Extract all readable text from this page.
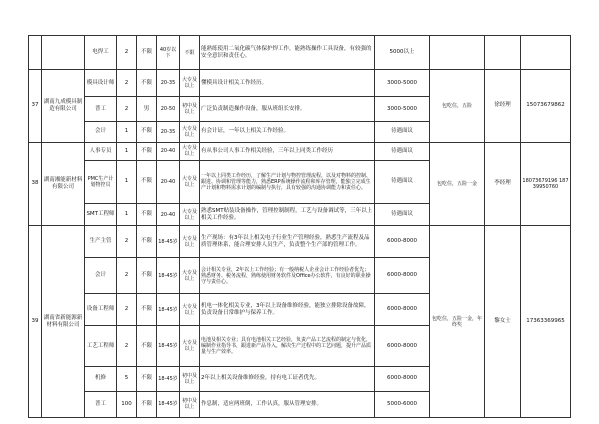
		电焊工	2	不限	40岁以下	不限	能熟练使用二氧化碳气体保护焊工作，能熟练操作工具设备，有较强的安全意识和责任心。	5000以上			
37	湖南九成模具制造有限公司	模具设计师	2	不限	20-35	大专及以上	懂模具设计相关工作经历。	3000-5000	包吃住，五险	徐经理	15073679862
		普工	2	男	20-50	初中及以上	广泛负责制造操作设备，服从班组长安排。	3000-5000			
		会计	1	不限	20-35	大专及以上	有会计证，一年以上相关工作经验。	待遇面议			
38	湖南湘能新材料有限公司	人事专员	1	不限	20-40	大专及以上	有从事公司人事工作相关经验，三年以上同类工作经历	待遇面议	包吃住，五险一金	李经理	18073679196 18739950760
		PMC生产计划物控员	1	不限	20-40	大专及以上	一年以上同类工作经历，了解生产计划与物控管理流程，以及对物料的控制、跟进、协调和管理等能力，熟悉ERP系统操作流程和库存管理，能独立完成生产计划和物料需求计划的编制与执行，具有较强的沟通协调能力和责任心。	待遇面议			
		SMT工程师	1	不限	20-40	大专及以上	熟悉SMT贴装设备操作，管理控制制程，工艺与设备调试等，三年以上相关工作经验。	待遇面议			
39	湖南省新能源新材料有限公司	生产主管	2	不限	18-45岁	大专及以上	生产现场：有3年以上相关电子行业生产管理经验，熟悉生产流程及品质管理体系，能合理安排人员生产，负责整个生产部的管理工作。	6000-8000	包吃住，五险一金，年终奖	黎女士	17363369965
		会计	2	不限	18-45岁	大专及以上	会计相关专业，2年以上工作经验；有一般纳税人企业会计工作经验者优先；熟悉财务、税务流程，熟练使用财务软件及Office办公软件，有良好的职业操守与责任心。	6000-8000			
		设备工程师	2	不限	18-45岁	大专及以上	机电一体化相关专业，3年以上设备维修经验，能独立排除设备故障，负责设备日常维护与保养工作。	6000-8000			
		工艺工程师	2	不限	18-45岁	大专及以上	电池及相关专业；具有电池相关工艺经验，负责产品工艺流程的制定与优化，编制作业指导书，跟进新产品导入，解决生产过程中的工艺问题，提升产品质量与生产效率。	6000-8000			
		机修	5	不限	18-45岁	初中及以上	2年以上相关设备维修经验，持有电工证者优先。	6000-8000			
		普工	100	不限	18-45岁	初中及以上	作息制，适应两班倒，工作认真，服从管理安排。	5000-6000			
